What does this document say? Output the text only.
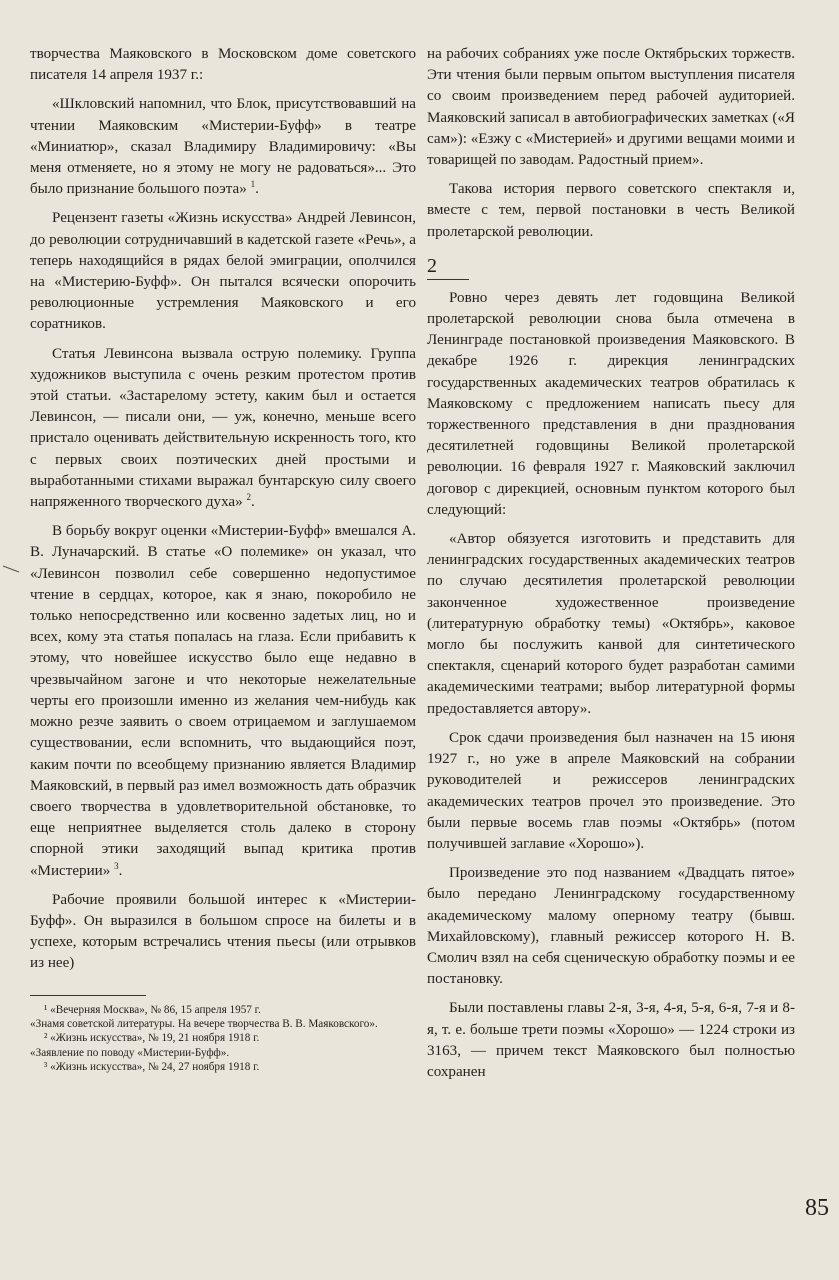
творчества Маяковского в Московском доме советского писателя 14 апреля 1937 г.:

«Шкловский напомнил, что Блок, присутствовавший на чтении Маяковским «Мистерии-Буфф» в театре «Миниатюр», сказал Владимиру Владимировичу: «Вы меня отменяете, но я этому не могу не радоваться»... Это было признание большого поэта» $^1$.

Рецензент газеты «Жизнь искусства» Андрей Левинсон, до революции сотрудничавший в кадетской газете «Речь», а теперь находящийся в рядах белой эмиграции, ополчился на «Мистерию-Буфф». Он пытался всячески опорочить революционные устремления Маяковского и его соратников.

Статья Левинсона вызвала острую полемику. Группа художников выступила с очень резким протестом против этой статьи. «Застарелому эстету, каким был и остается Левинсон, — писали они, — уж, конечно, меньше всего пристало оценивать действительную искренность того, кто с первых своих поэтических дней простыми и выработанными стихами выражал бунтарскую силу своего напряженного творческого духа» $^2$.

В борьбу вокруг оценки «Мистерии-Буфф» вмешался А. В. Луначарский. В статье «О полемике» он указал, что «Левинсон позволил себе совершенно недопустимое чтение в сердцах, которое, как я знаю, покоробило не только непосредственно или косвенно задетых лиц, но и всех, кому эта статья попалась на глаза. Если прибавить к этому, что новейшее искусство было еще недавно в чрезвычайном загоне и что некоторые нежелательные черты его произошли именно из желания чем-нибудь как можно резче заявить о своем отрицаемом и заглушаемом существовании, если вспомнить, что выдающийся поэт, каким почти по всеобщему признанию является Владимир Маяковский, в первый раз имел возможность дать образчик своего творчества в удовлетворительной обстановке, то еще неприятнее выделяется столь далеко в сторону спорной этики заходящий выпад критика против «Мистерии» $^3$.

Рабочие проявили большой интерес к «Мистерии-Буфф». Он выразился в большом спросе на билеты и в успехе, которым встречались чтения пьесы (или отрывков из нее)

¹ «Вечерняя Москва», № 86, 15 апреля 1957 г.
«Знамя советской литературы. На вечере творчества В. В. Маяковского».
² «Жизнь искусства», № 19, 21 ноября 1918 г.
«Заявление по поводу «Мистерии-Буфф».
³ «Жизнь искусства», № 24, 27 ноября 1918 г.

на рабочих собраниях уже после Октябрьских торжеств. Эти чтения были первым опытом выступления писателя со своим произведением перед рабочей аудиторией. Маяковский записал в автобиографических заметках («Я сам»): «Езжу с «Мистерией» и другими вещами моими и товарищей по заводам. Радостный прием».

Такова история первого советского спектакля и, вместе с тем, первой постановки в честь Великой пролетарской революции.

2

Ровно через девять лет годовщина Великой пролетарской революции снова была отмечена в Ленинграде постановкой произведения Маяковского. В декабре 1926 г. дирекция ленинградских государственных академических театров обратилась к Маяковскому с предложением написать пьесу для торжественного представления в дни празднования десятилетней годовщины Великой пролетарской революции. 16 февраля 1927 г. Маяковский заключил договор с дирекцией, основным пунктом которого был следующий:

«Автор обязуется изготовить и представить для ленинградских государственных академических театров по случаю десятилетия пролетарской революции законченное художественное произведение (литературную обработку темы) «Октябрь», каковое могло бы послужить канвой для синтетического спектакля, сценарий которого будет разработан самими академическими театрами; выбор литературной формы предоставляется автору».

Срок сдачи произведения был назначен на 15 июня 1927 г., но уже в апреле Маяковский на собрании руководителей и режиссеров ленинградских академических театров прочел это произведение. Это были первые восемь глав поэмы «Октябрь» (потом получившей заглавие «Хорошо»).

Произведение это под названием «Двадцать пятое» было передано Ленинградскому государственному академическому малому оперному театру (бывш. Михайловскому), главный режиссер которого Н. В. Смолич взял на себя сценическую обработку поэмы и ее постановку.

Были поставлены главы 2-я, 3-я, 4-я, 5-я, 6-я, 7-я и 8-я, т. е. больше трети поэмы «Хорошо» — 1224 строки из 3163, — причем текст Маяковского был полностью сохранен

85
